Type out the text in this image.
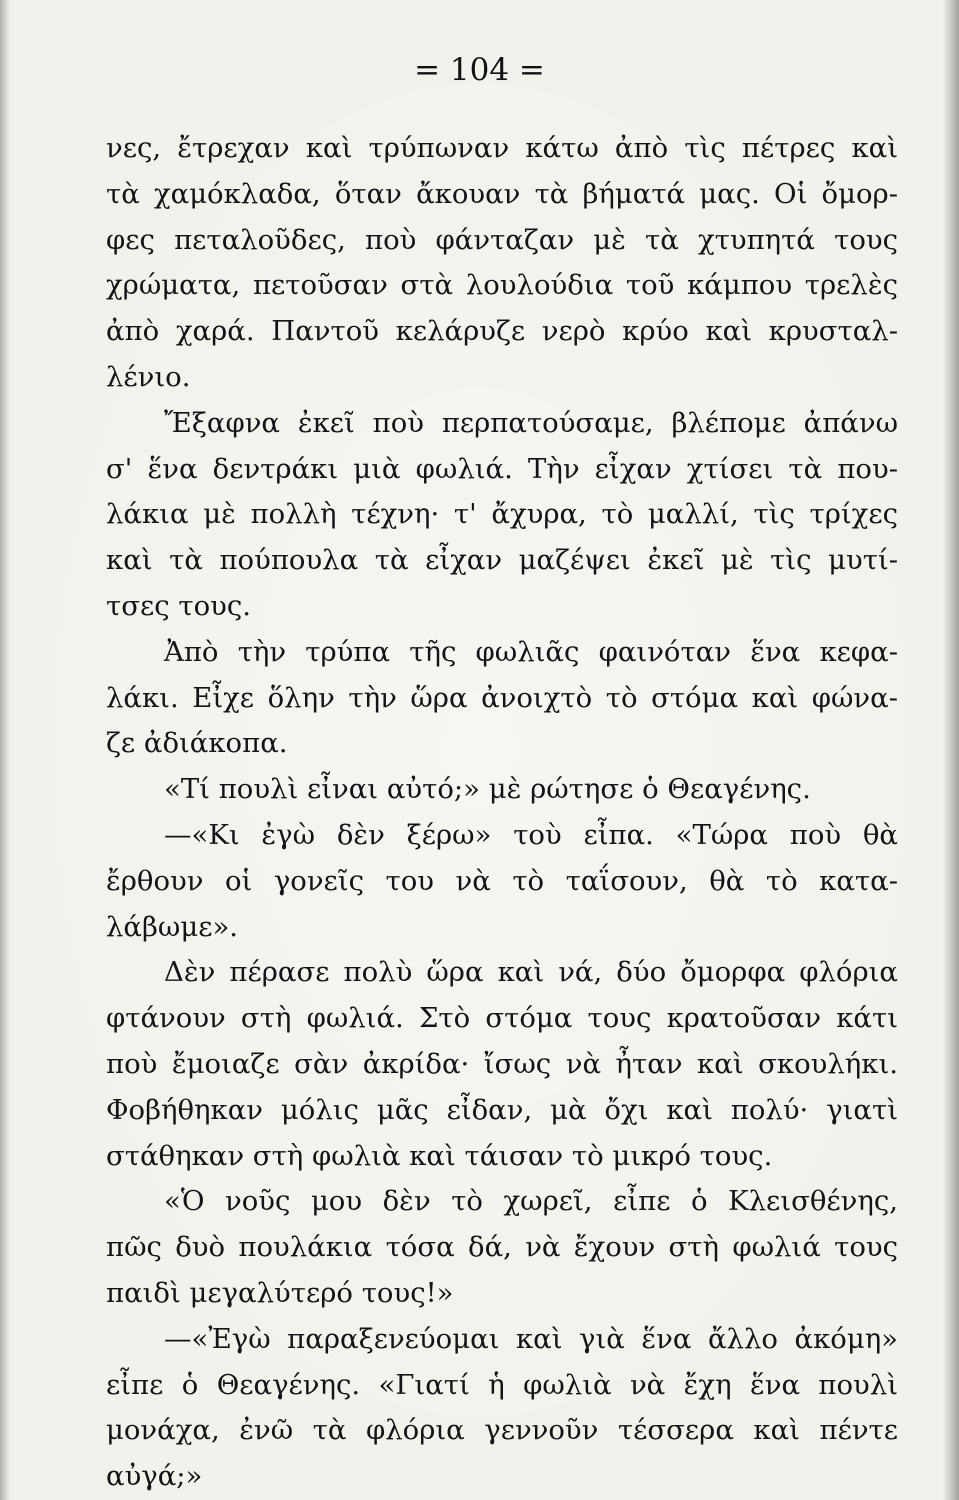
= 104 =
νες, ἔτρεχαν καὶ τρύπωναν κάτω ἀπὸ τὶς πέτρες καὶ
τὰ χαμόκλαδα, ὅταν ἄκουαν τὰ βήματά μας. Οἱ ὄμορ-
φες πεταλοῦδες, ποὺ φάνταζαν μὲ τὰ χτυπητά τους
χρώματα, πετοῦσαν στὰ λουλούδια τοῦ κάμπου τρελὲς
ἀπὸ χαρά. Παντοῦ κελάρυζε νερὸ κρύο καὶ κρυσταλ-
λένιο.
Ἔξαφνα ἐκεῖ ποὺ περπατούσαμε, βλέπομε ἀπάνω
σ' ἕνα δεντράκι μιὰ φωλιά. Τὴν εἶχαν χτίσει τὰ που-
λάκια μὲ πολλὴ τέχνη· τ' ἄχυρα, τὸ μαλλί, τὶς τρίχες
καὶ τὰ πούπουλα τὰ εἶχαν μαζέψει ἐκεῖ μὲ τὶς μυτί-
τσες τους.
Ἀπὸ τὴν τρύπα τῆς φωλιᾶς φαινόταν ἕνα κεφα-
λάκι. Εἶχε ὅλην τὴν ὥρα ἀνοιχτὸ τὸ στόμα καὶ φώνα-
ζε ἀδιάκοπα.
«Τί πουλὶ εἶναι αὐτό;» μὲ ρώτησε ὁ Θεαγένης.
—«Κι ἐγὼ δὲν ξέρω» τοὺ εἶπα. «Τώρα ποὺ θὰ
ἔρθουν οἱ γονεῖς του νὰ τὸ ταΐσουν, θὰ τὸ κατα-
λάβωμε».
Δὲν πέρασε πολὺ ὥρα καὶ νά, δύο ὄμορφα φλόρια
φτάνουν στὴ φωλιά. Στὸ στόμα τους κρατοῦσαν κάτι
ποὺ ἔμοιαζε σὰν ἀκρίδα· ἴσως νὰ ἦταν καὶ σκουλήκι.
Φοβήθηκαν μόλις μᾶς εἶδαν, μὰ ὄχι καὶ πολύ· γιατὶ
στάθηκαν στὴ φωλιὰ καὶ τάισαν τὸ μικρό τους.
«Ὁ νοῦς μου δὲν τὸ χωρεῖ, εἶπε ὁ Κλεισθένης,
πῶς δυὸ πουλάκια τόσα δά, νὰ ἔχουν στὴ φωλιά τους
παιδὶ μεγαλύτερό τους!»
—«Ἐγὼ παραξενεύομαι καὶ γιὰ ἕνα ἄλλο ἀκόμη»
εἶπε ὁ Θεαγένης. «Γιατί ἡ φωλιὰ νὰ ἔχη ἕνα πουλὶ
μονάχα, ἐνῶ τὰ φλόρια γεννοῦν τέσσερα καὶ πέντε
αὐγά;»
